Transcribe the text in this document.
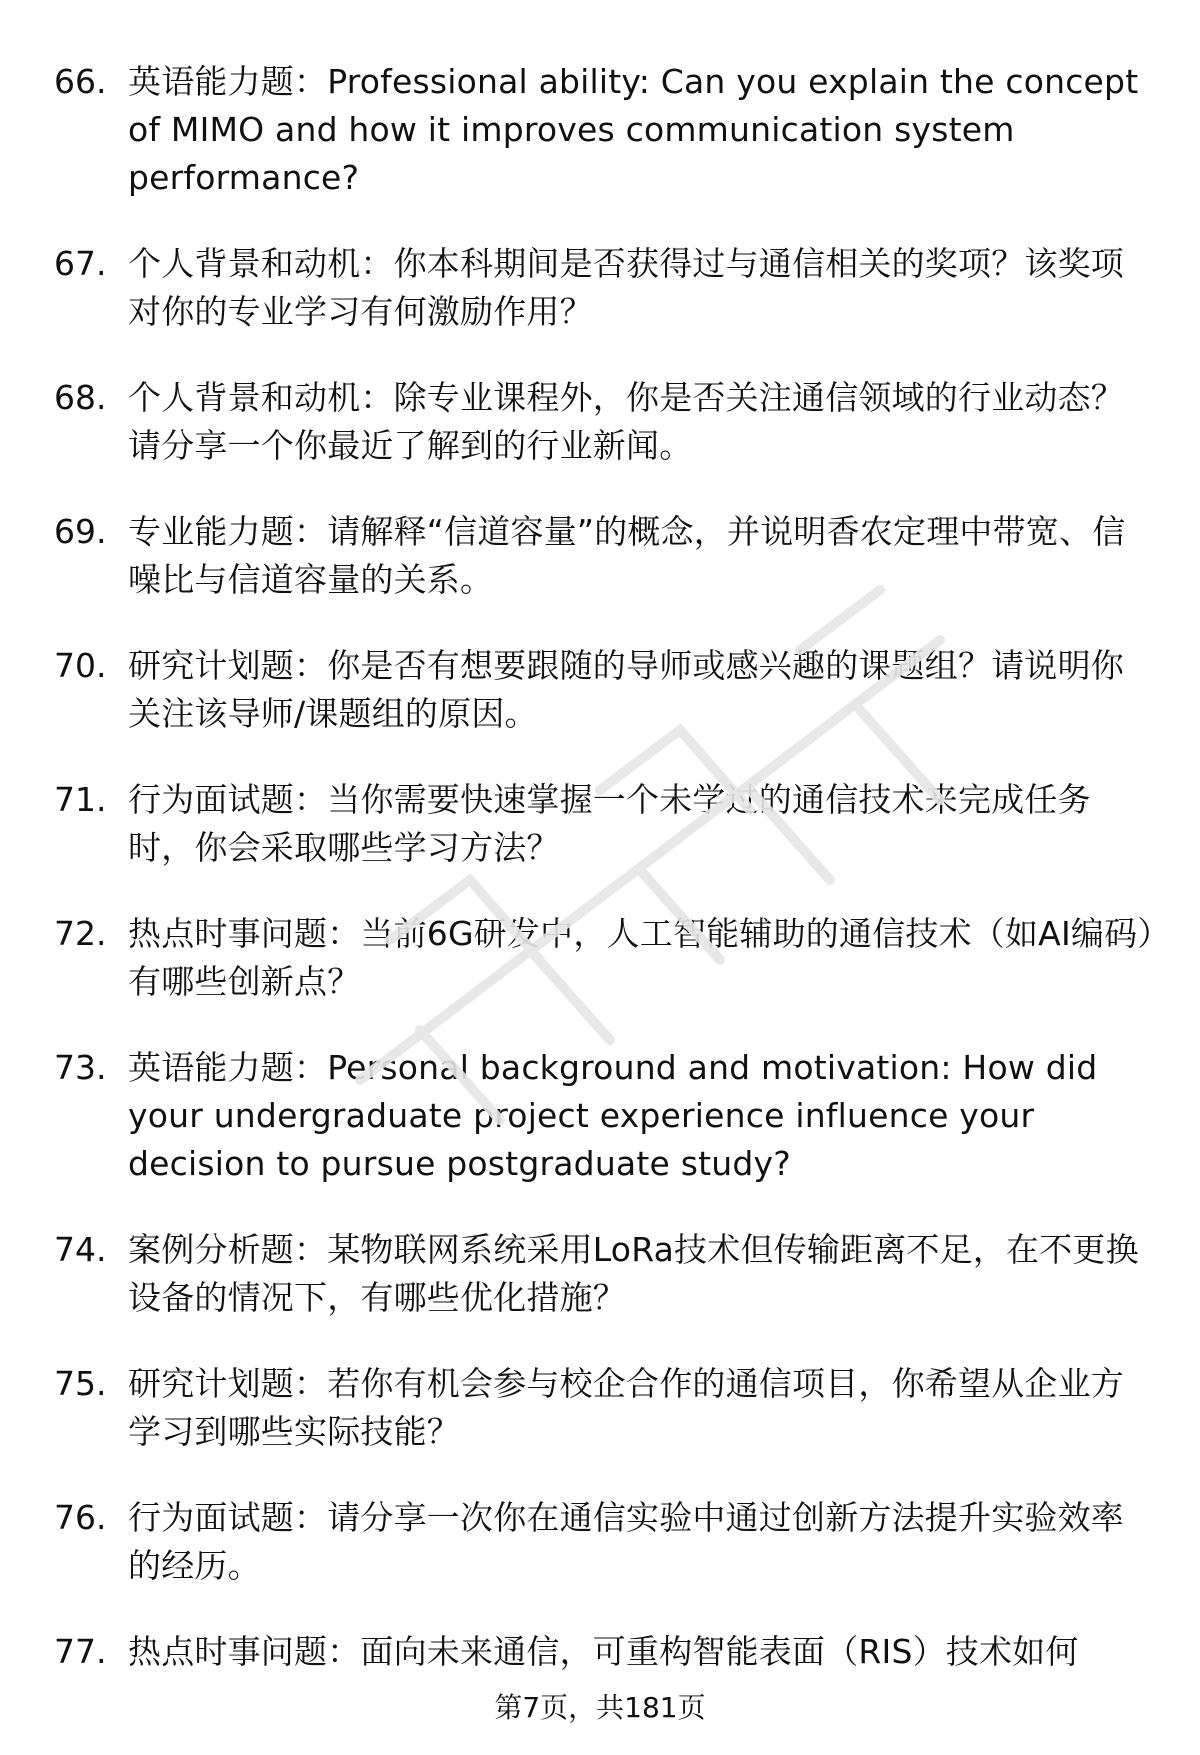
66. 英语能力题：Professional ability: Can you explain the concept of MIMO and how it improves communication system performance?
67. 个人背景和动机：你本科期间是否获得过与通信相关的奖项？该奖项对你的专业学习有何激励作用？
68. 个人背景和动机：除专业课程外，你是否关注通信领域的行业动态？请分享一个你最近了解到的行业新闻。
69. 专业能力题：请解释“信道容量”的概念，并说明香农定理中带宽、信噪比与信道容量的关系。
70. 研究计划题：你是否有想要跟随的导师或感兴趣的课题组？请说明你关注该导师/课题组的原因。
71. 行为面试题：当你需要快速掌握一个未学过的通信技术来完成任务时，你会采取哪些学习方法？
72. 热点时事问题：当前6G研发中，人工智能辅助的通信技术（如AI编码）有哪些创新点？
73. 英语能力题：Personal background and motivation: How did your undergraduate project experience influence your decision to pursue postgraduate study?
74. 案例分析题：某物联网系统采用LoRa技术但传输距离不足，在不更换设备的情况下，有哪些优化措施？
75. 研究计划题：若你有机会参与校企合作的通信项目，你希望从企业方学习到哪些实际技能？
76. 行为面试题：请分享一次你在通信实验中通过创新方法提升实验效率的经历。
77. 热点时事问题：面向未来通信，可重构智能表面（RIS）技术如何
第7页，共181页
